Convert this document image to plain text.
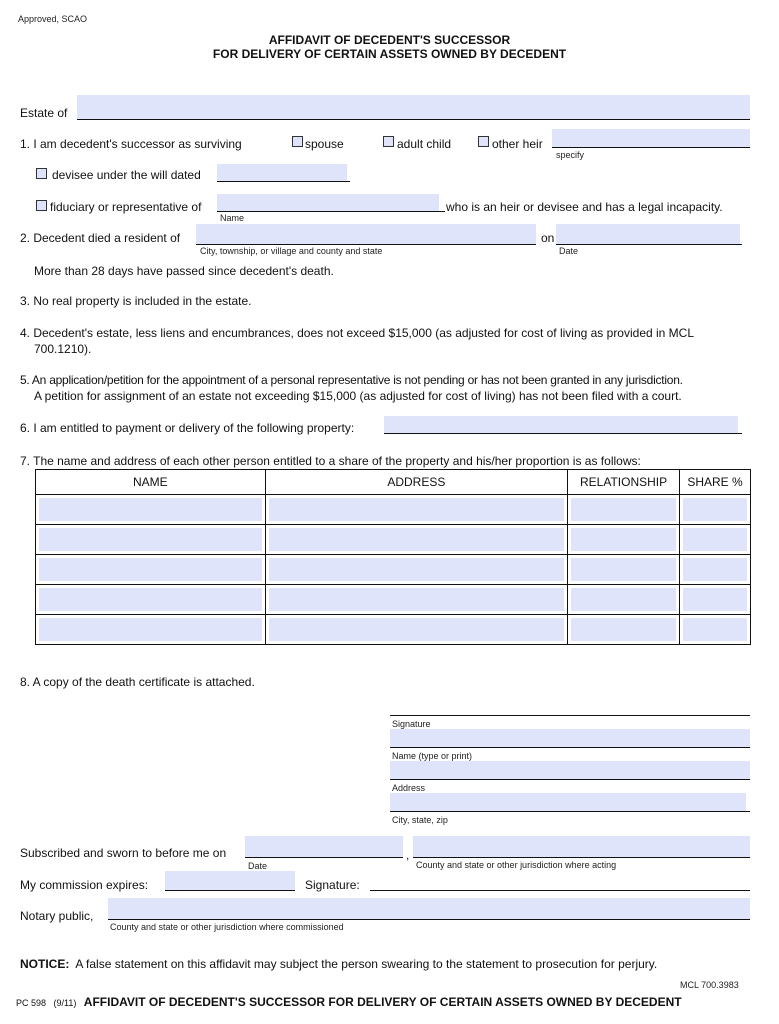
Approved, SCAO
AFFIDAVIT OF DECEDENT'S SUCCESSOR
FOR DELIVERY OF CERTAIN ASSETS OWNED BY DECEDENT
Estate of
1. I am decedent's successor as surviving	spouse	adult child	other heir
specify
devisee under the will dated
fiduciary or representative of
Name
who is an heir or devisee and has a legal incapacity.
2. Decedent died a resident of
City, township, or village and county and state
on
Date
More than 28 days have passed since decedent's death.
3. No real property is included in the estate.
4. Decedent's estate, less liens and encumbrances, does not exceed $15,000 (as adjusted for cost of living as provided in MCL
700.1210).
5. An application/petition for the appointment of a personal representative is not pending or has not been granted in any jurisdiction.
A petition for assignment of an estate not exceeding $15,000 (as adjusted for cost of living) has not been filed with a court.
6. I am entitled to payment or delivery of the following property:
7. The name and address of each other person entitled to a share of the property and his/her proportion is as follows:
NAME	ADDRESS	RELATIONSHIP	SHARE %

8. A copy of the death certificate is attached.
Signature
Name (type or print)
Address
City, state, zip
Subscribed and sworn to before me on
Date
,
County and state or other jurisdiction where acting
My commission expires:	Signature:
Notary public,
County and state or other jurisdiction where commissioned
NOTICE: A false statement on this affidavit may subject the person swearing to the statement to prosecution for perjury.
MCL 700.3983
PC 598 (9/11) AFFIDAVIT OF DECEDENT'S SUCCESSOR FOR DELIVERY OF CERTAIN ASSETS OWNED BY DECEDENT
